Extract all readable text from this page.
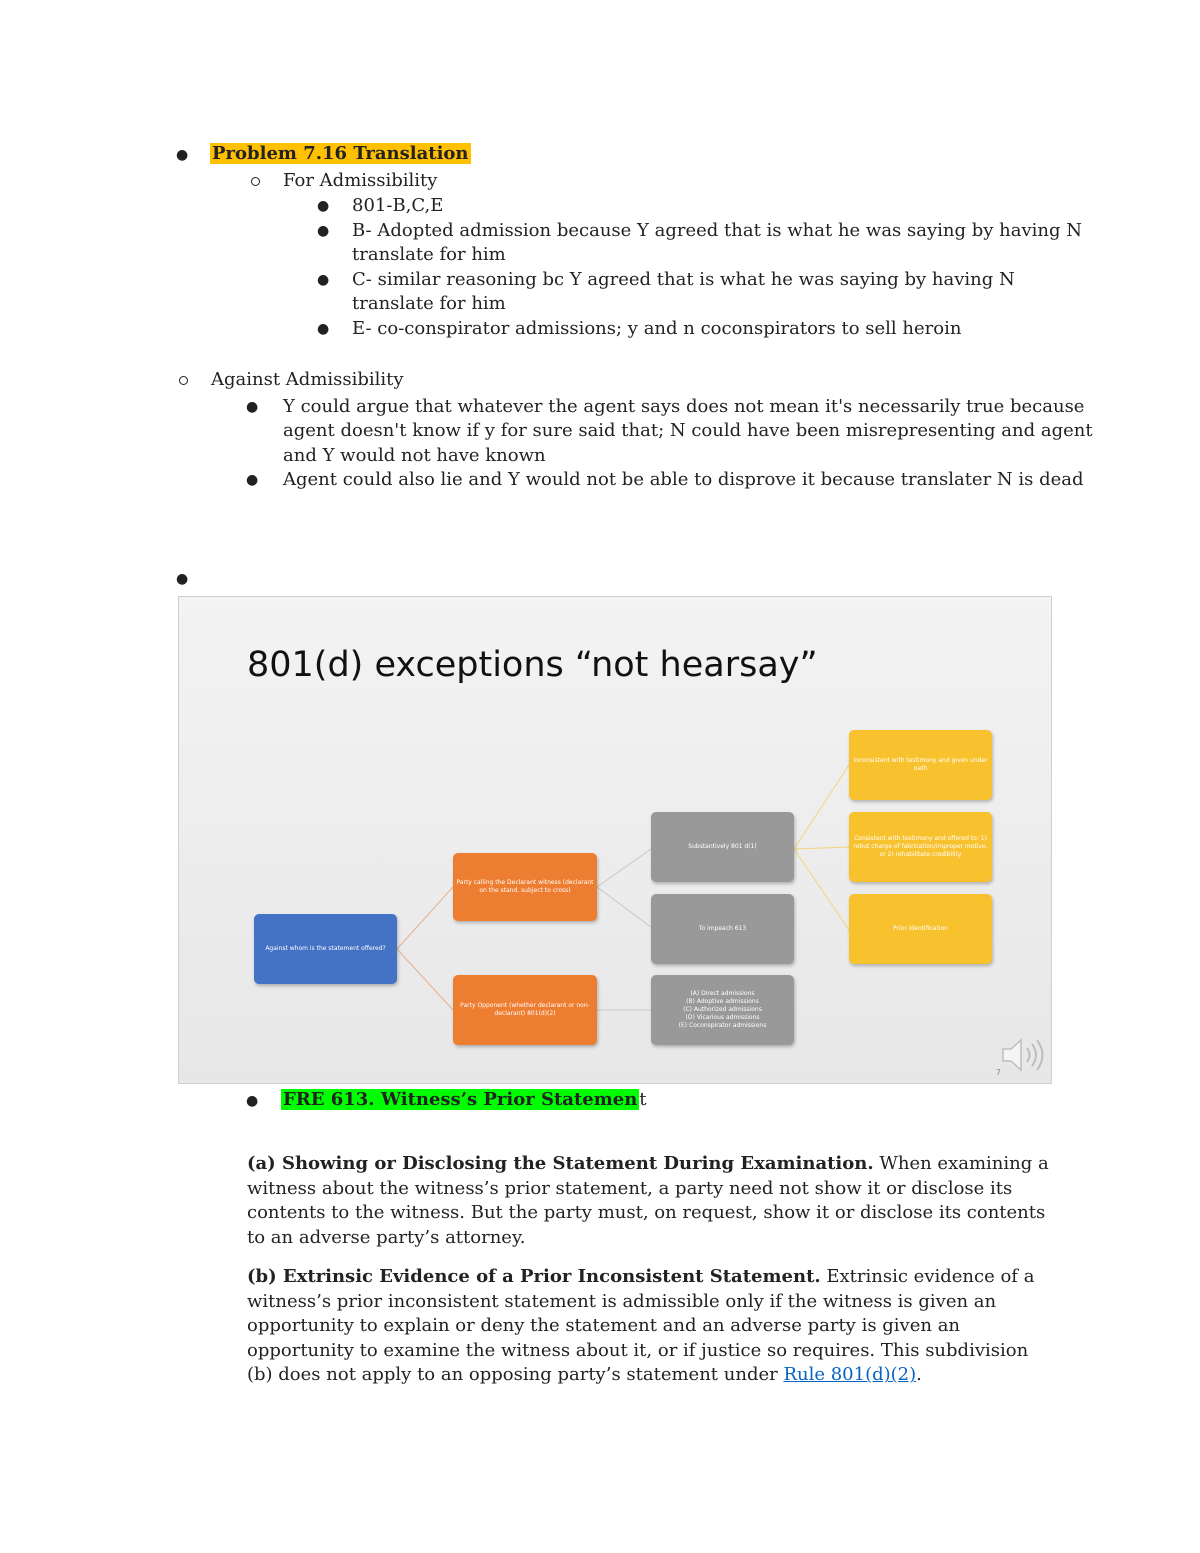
● Problem 7.16 Translation
For Admissibility
● 801-B,C,E
● B- Adopted admission because Y agreed that is what he was saying by having N
translate for him
● C- similar reasoning bc Y agreed that is what he was saying by having N
translate for him
● E- co-conspirator admissions; y and n coconspirators to sell heroin
Against Admissibility
● Y could argue that whatever the agent says does not mean it's necessarily true because
agent doesn't know if y for sure said that; N could have been misrepresenting and agent
and Y would not have known
● Agent could also lie and Y would not be able to disprove it because translater N is dead
●
801(d) exceptions “not hearsay”
Against whom is the statement offered?
Party calling the Declarant witness (declarant on the stand, subject to cross)
Party Opponent (whether declarant or non-declarant) 801(d)(2)
Substantively 801 d(1)
To impeach 613
(A) Direct admissions
(B) Adoptive admissions
(C) Authorized admissions
(D) Vicarious admissions
(E) Coconspirator admissions
Inconsistent with testimony and given under oath
Consistent with testimony and offered to: 1) rebut charge of fabrication/improper motive, or 2) rehabilitate credibility
Prior identification
7
● FRE 613. Witness’s Prior Statemen t
(a) Showing or Disclosing the Statement During Examination. When examining a witness about the witness’s prior statement, a party need not show it or disclose its contents to the witness. But the party must, on request, show it or disclose its contents to an adverse party’s attorney.
(b) Extrinsic Evidence of a Prior Inconsistent Statement. Extrinsic evidence of a witness’s prior inconsistent statement is admissible only if the witness is given an opportunity to explain or deny the statement and an adverse party is given an opportunity to examine the witness about it, or if justice so requires. This subdivision (b) does not apply to an opposing party’s statement under Rule 801(d)(2).
